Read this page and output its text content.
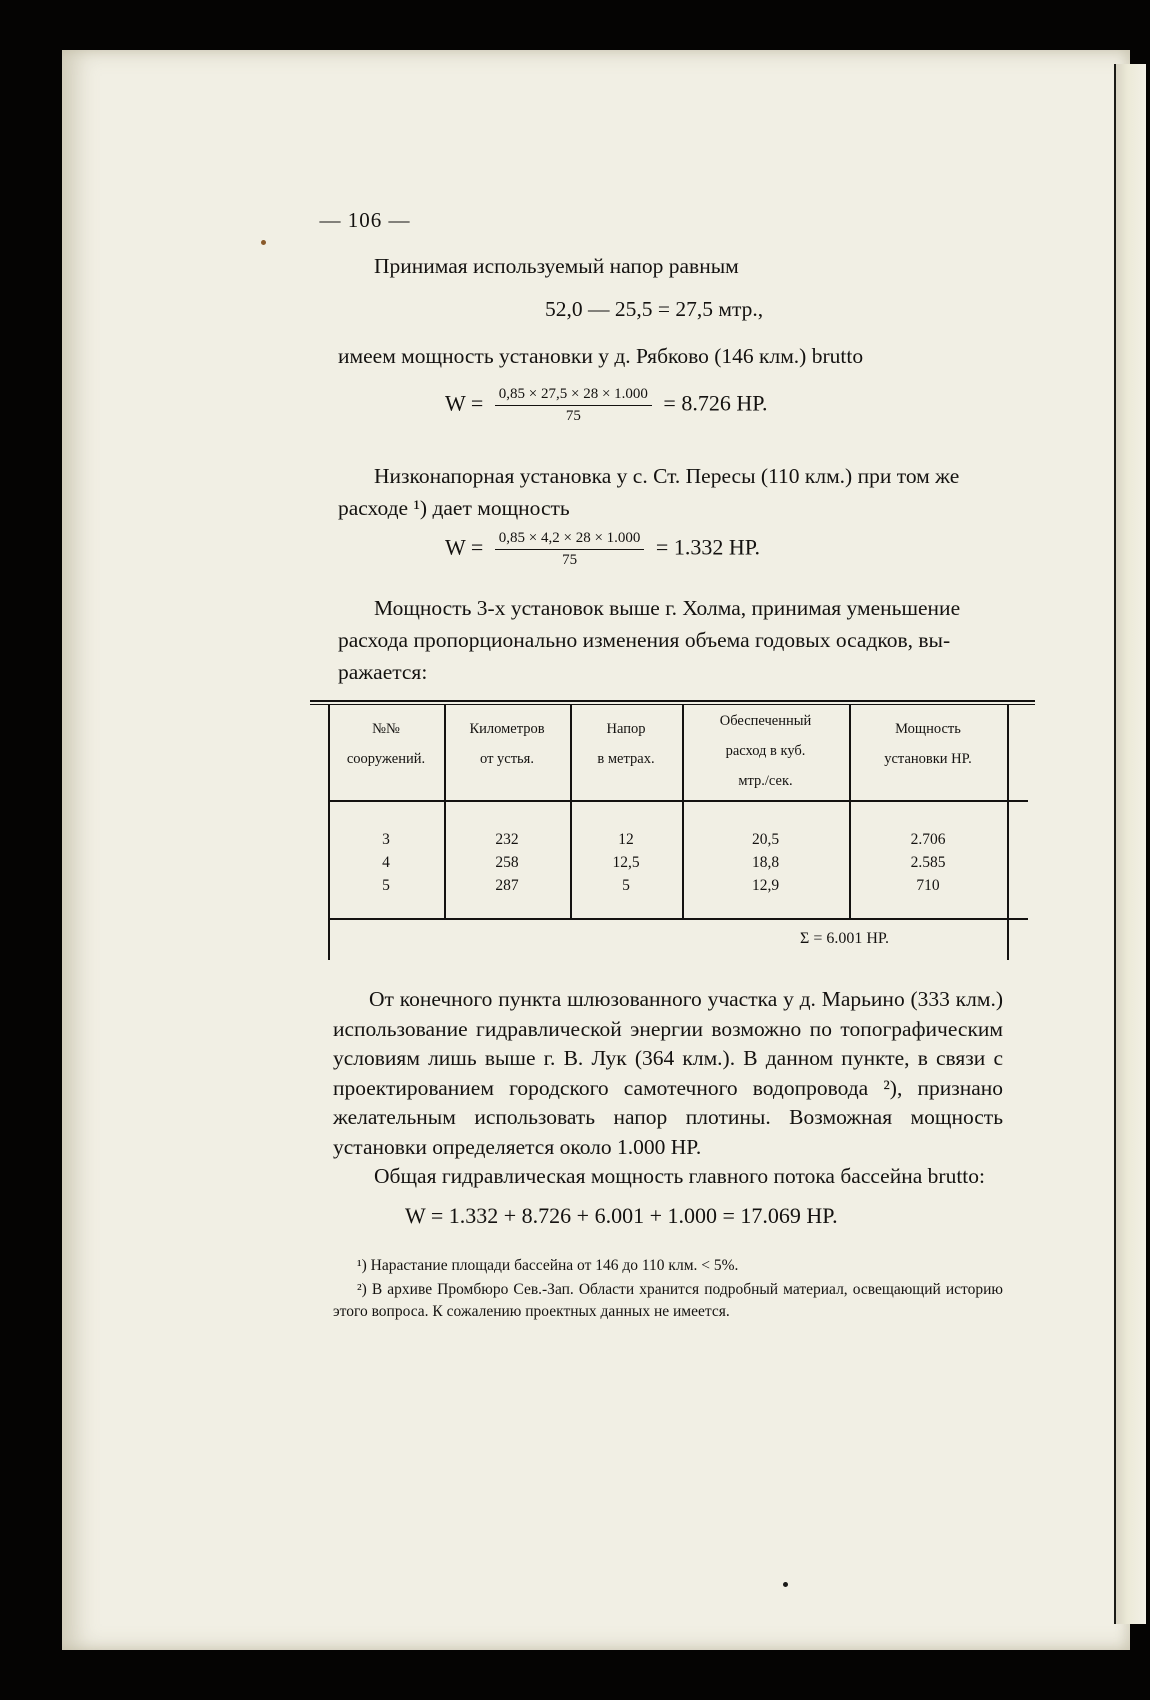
— 106 —
Принимая используемый напор равным
52,0 — 25,5 = 27,5 мтр.,
имеем мощность установки у д. Рябково (146 клм.) brutto
$W = \frac{0,85 \times 27,5 \times 28 \times 1.000}{75} = 8.726$ HP.
Низконапорная установка у с. Ст. Пересы (110 клм.) при том же
расходе ¹) дает мощность
$W = \frac{0,85 \times 4,2 \times 28 \times 1.000}{75} = 1.332$ HP.
Мощность 3-х установок выше г. Холма, принимая уменьшение
расхода пропорционально изменения объема годовых осадков, вы-
ражается:
№№
сооружений.
Километров
от устья.
Напор
в метрах.
Обеспеченный
расход в куб.
мтр./сек.
Мощность
установки HP.
3
4
5
232
258
287
12
12,5
5
20,5
18,8
12,9
2.706
2.585
710
Σ = 6.001 HP.
От конечного пункта шлюзованного участка у д. Марьино (333 клм.) использование гидравлической энергии возможно по топографическим условиям лишь выше г. В. Лук (364 клм.). В данном пункте, в связи с проектированием городского самотечного водопровода ²), признано желательным использовать напор плотины. Возможная мощность установки определяется около 1.000 HP.
Общая гидравлическая мощность главного потока бассейна brutto:
W = 1.332 + 8.726 + 6.001 + 1.000 = 17.069 HP.
¹) Нарастание площади бассейна от 146 до 110 клм. < 5%.
²) В архиве Промбюро Сев.-Зап. Области хранится подробный материал, освещающий историю этого вопроса. К сожалению проектных данных не имеется.
